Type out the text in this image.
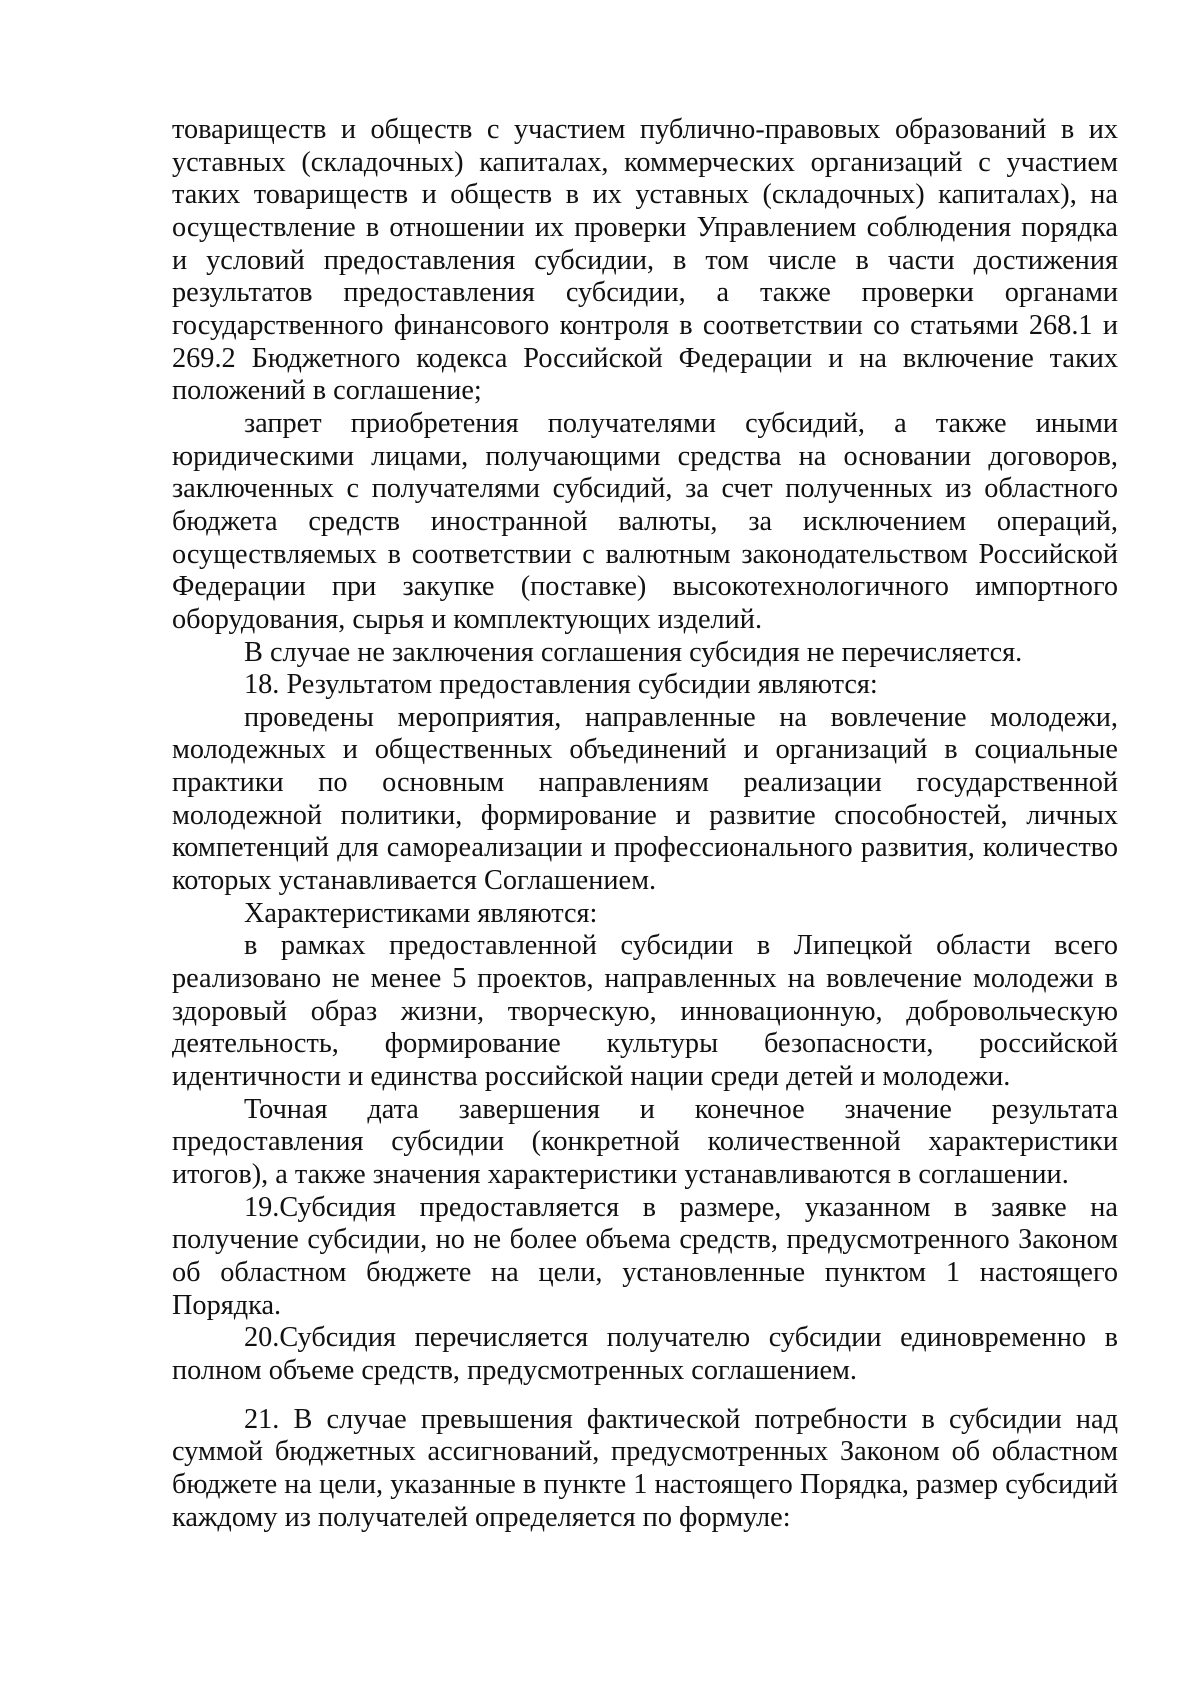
товариществ и обществ с участием публично-правовых образований в их уставных (складочных) капиталах, коммерческих организаций с участием таких товариществ и обществ в их уставных (складочных) капиталах), на осуществление в отношении их проверки Управлением соблюдения порядка и условий предоставления субсидии, в том числе в части достижения результатов предоставления субсидии, а также проверки органами государственного финансового контроля в соответствии со статьями 268.1 и 269.2 Бюджетного кодекса Российской Федерации и на включение таких положений в соглашение;

запрет приобретения получателями субсидий, а также иными юридическими лицами, получающими средства на основании договоров, заключенных с получателями субсидий, за счет полученных из областного бюджета средств иностранной валюты, за исключением операций, осуществляемых в соответствии с валютным законодательством Российской Федерации при закупке (поставке) высокотехнологичного импортного оборудования, сырья и комплектующих изделий.

В случае не заключения соглашения субсидия не перечисляется.

18. Результатом предоставления субсидии являются:

проведены мероприятия, направленные на вовлечение молодежи, молодежных и общественных объединений и организаций в социальные практики по основным направлениям реализации государственной молодежной политики, формирование и развитие способностей, личных компетенций для самореализации и профессионального развития, количество которых устанавливается Соглашением.

Характеристиками являются:

в рамках предоставленной субсидии в Липецкой области всего реализовано не менее 5 проектов, направленных на вовлечение молодежи в здоровый образ жизни, творческую, инновационную, добровольческую деятельность, формирование культуры безопасности, российской идентичности и единства российской нации среди детей и молодежи.

Точная дата завершения и конечное значение результата предоставления субсидии (конкретной количественной характеристики итогов), а также значения характеристики устанавливаются в соглашении.

19.Субсидия предоставляется в размере, указанном в заявке на получение субсидии, но не более объема средств, предусмотренного Законом об областном бюджете на цели, установленные пунктом 1 настоящего Порядка.

20.Субсидия перечисляется получателю субсидии единовременно в полном объеме средств, предусмотренных соглашением.

21. В случае превышения фактической потребности в субсидии над суммой бюджетных ассигнований, предусмотренных Законом об областном бюджете на цели, указанные в пункте 1 настоящего Порядка, размер субсидий каждому из получателей определяется по формуле:
